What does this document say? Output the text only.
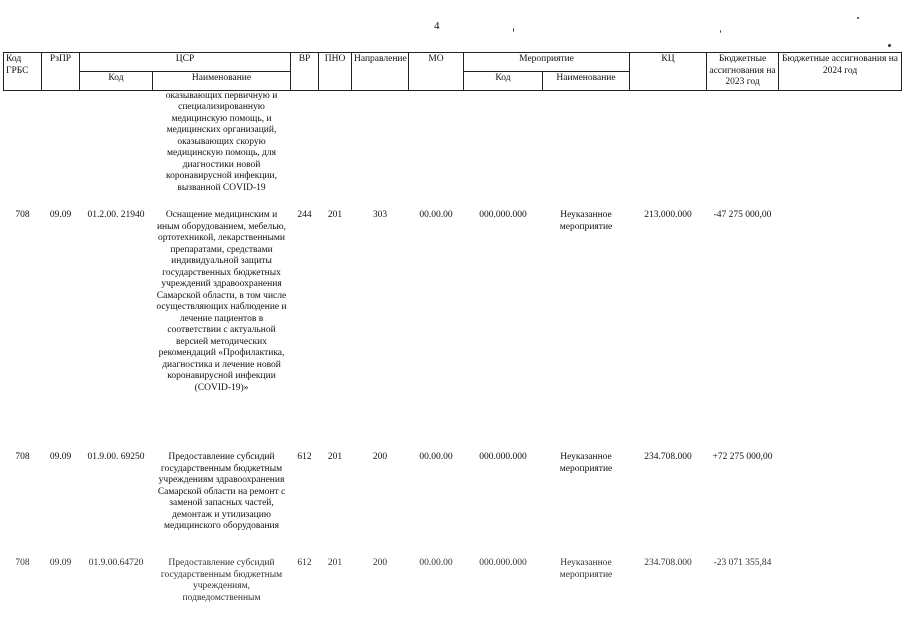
4
Код ГРБС	РзПР	ЦСР		ВР	ПНО	Направление	МО	Мероприятие		КЦ	Бюджетные ассигнования на 2023 год	Бюджетные ассигнования на 2024 год
		Код	Наименование					Код	Наименование			
			оказывающих первичную и специализированную медицинскую помощь, и медицинских организаций, оказывающих скорую медицинскую помощь, для диагностики новой коронавирусной инфекции, вызванной COVID-19									
708	09.09	01.2.00. 21940	Оснащение медицинским и иным оборудованием, мебелью, ортотехникой, лекарственными препаратами, средствами индивидуальной защиты государственных бюджетных учреждений здравоохранения Самарской области, в том числе осуществляющих наблюдение и лечение пациентов в соответствии с актуальной версией методических рекомендаций «Профилактика, диагностика и лечение новой коронавирусной инфекции (COVID-19)»	244	201	303	00.00.00	000.000.000	Неуказанное мероприятие	213.000.000	-47 275 000,00	
708	09.09	01.9.00. 69250	Предоставление субсидий государственным бюджетным учреждениям здравоохранения Самарской области на ремонт с заменой запасных частей, демонтаж и утилизацию медицинского оборудования	612	201	200	00.00.00	000.000.000	Неуказанное мероприятие	234.708.000	+72 275 000,00	
708	09.09	01.9.00.64720	Предоставление субсидий государственным бюджетным учреждениям, подведомственным	612	201	200	00.00.00	000.000.000	Неуказанное мероприятие	234.708.000	-23 071 355,84	
